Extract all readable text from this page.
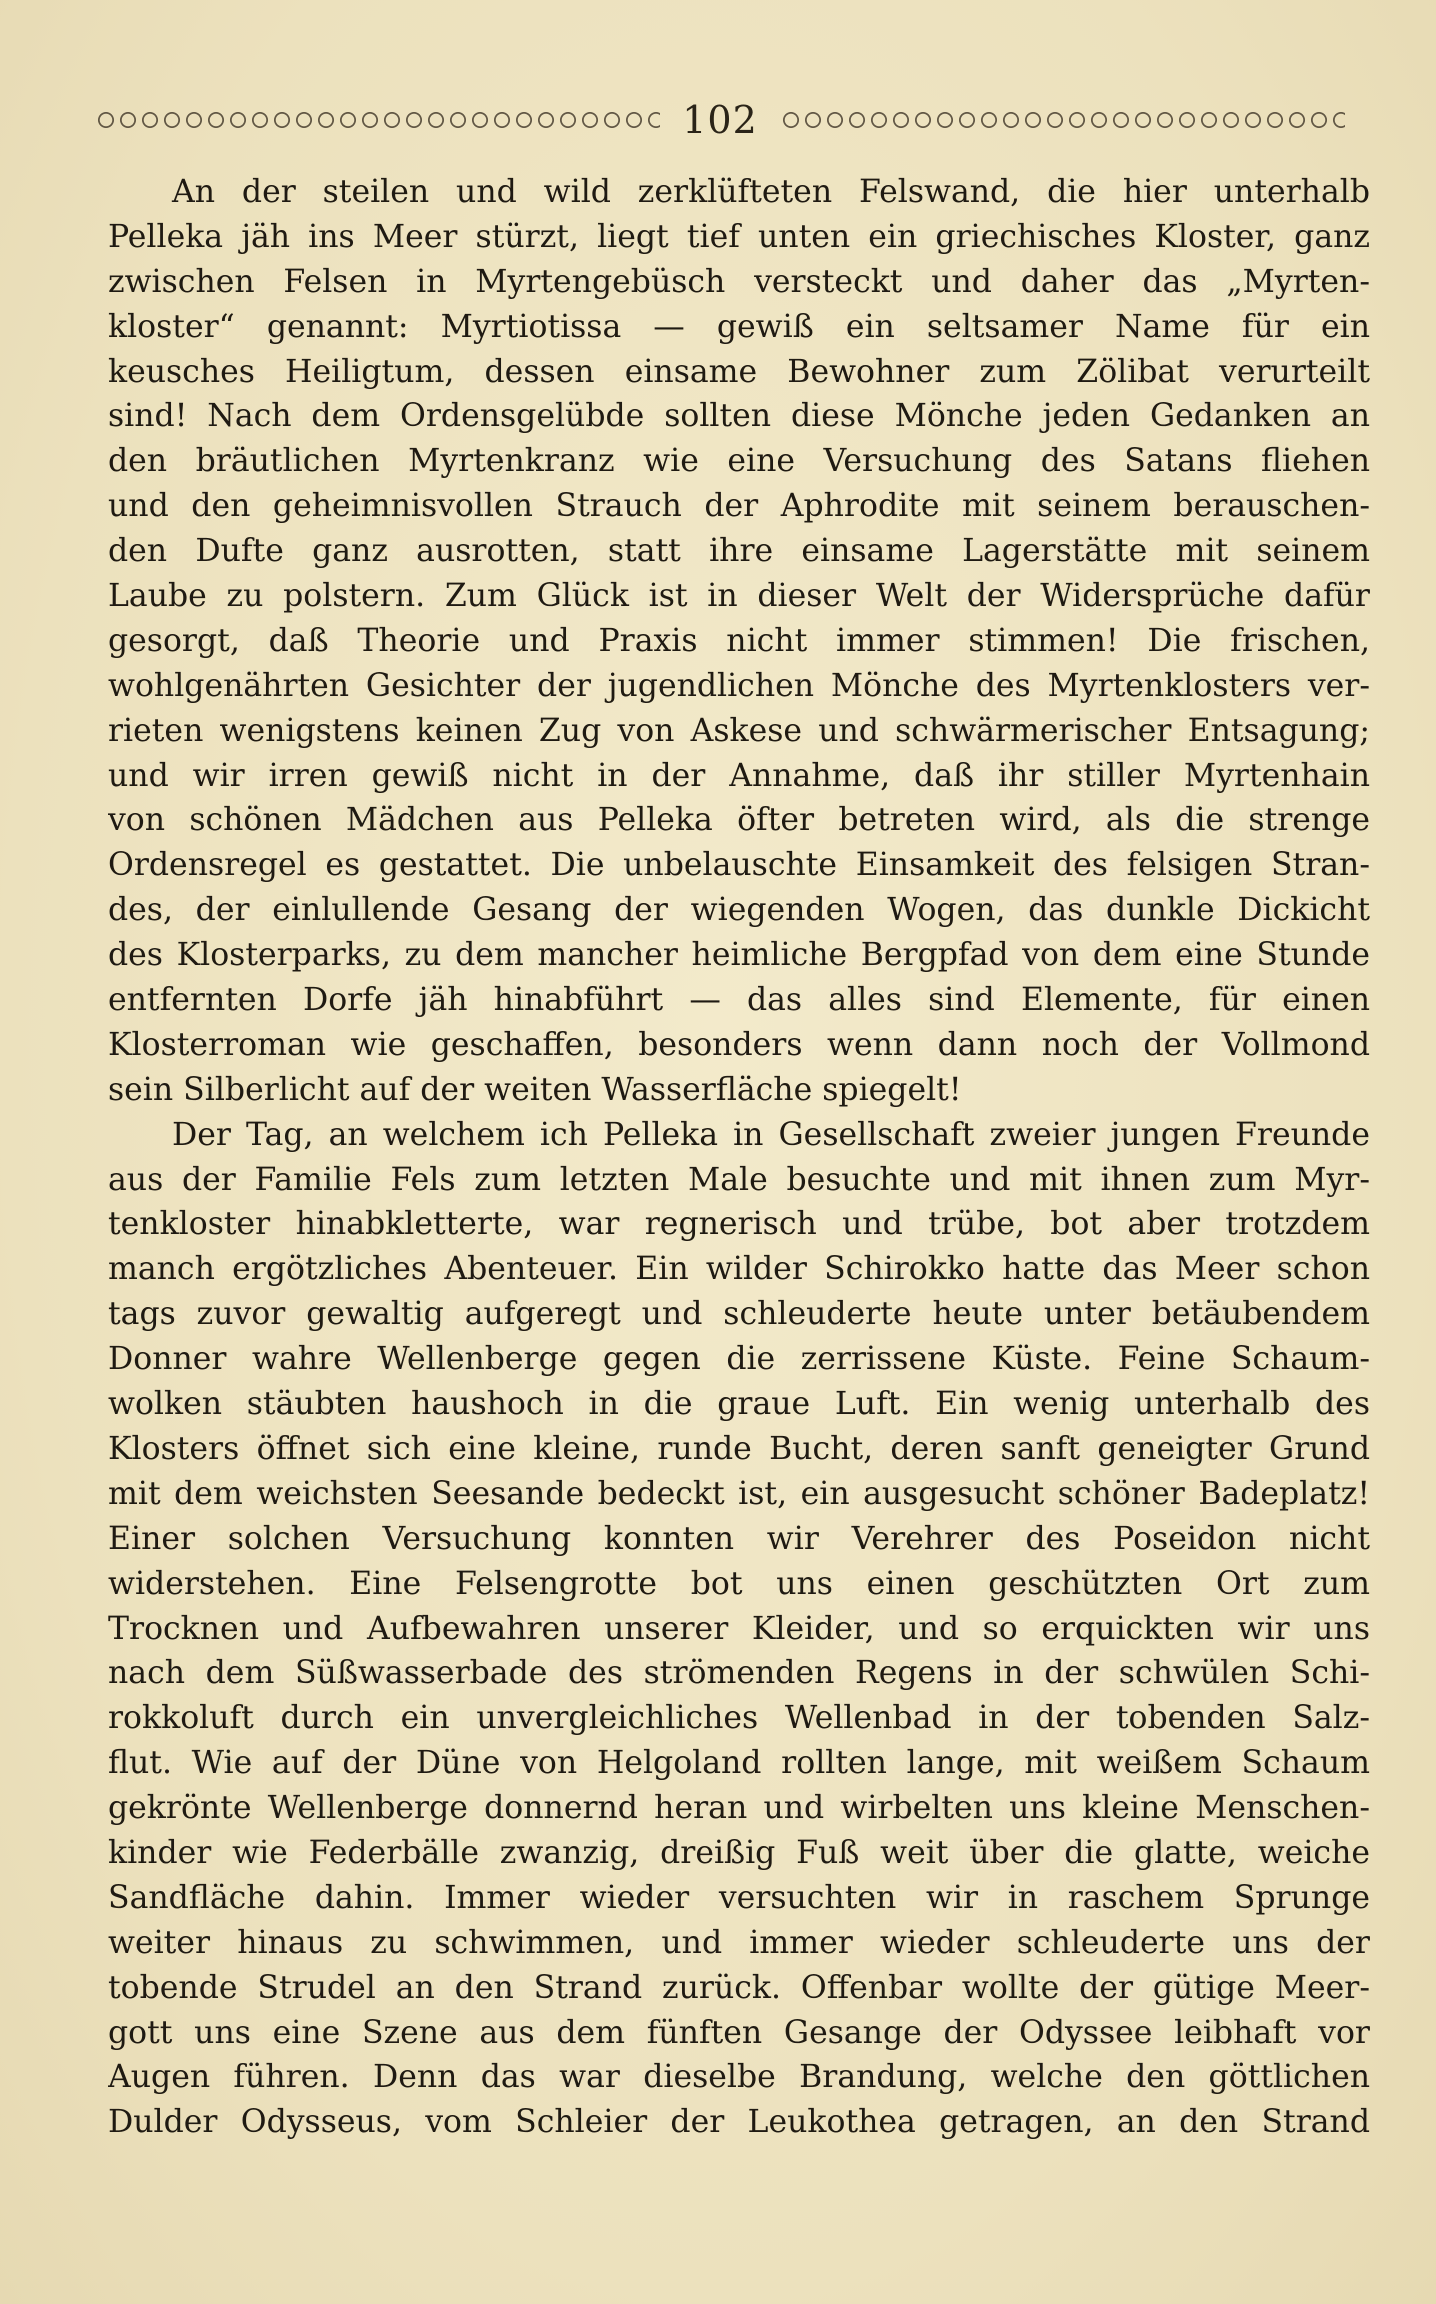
102
An der steilen und wild zerklüfteten Felswand, die hier unterhalb
Pelleka jäh ins Meer stürzt, liegt tief unten ein griechisches Kloster, ganz
zwischen Felsen in Myrtengebüsch versteckt und daher das „Myrten-
kloster“ genannt: Myrtiotissa — gewiß ein seltsamer Name für ein
keusches Heiligtum, dessen einsame Bewohner zum Zölibat verurteilt
sind! Nach dem Ordensgelübde sollten diese Mönche jeden Gedanken an
den bräutlichen Myrtenkranz wie eine Versuchung des Satans fliehen
und den geheimnisvollen Strauch der Aphrodite mit seinem berauschen-
den Dufte ganz ausrotten, statt ihre einsame Lagerstätte mit seinem
Laube zu polstern. Zum Glück ist in dieser Welt der Widersprüche dafür
gesorgt, daß Theorie und Praxis nicht immer stimmen! Die frischen,
wohlgenährten Gesichter der jugendlichen Mönche des Myrtenklosters ver-
rieten wenigstens keinen Zug von Askese und schwärmerischer Entsagung;
und wir irren gewiß nicht in der Annahme, daß ihr stiller Myrtenhain
von schönen Mädchen aus Pelleka öfter betreten wird, als die strenge
Ordensregel es gestattet. Die unbelauschte Einsamkeit des felsigen Stran-
des, der einlullende Gesang der wiegenden Wogen, das dunkle Dickicht
des Klosterparks, zu dem mancher heimliche Bergpfad von dem eine Stunde
entfernten Dorfe jäh hinabführt — das alles sind Elemente, für einen
Klosterroman wie geschaffen, besonders wenn dann noch der Vollmond
sein Silberlicht auf der weiten Wasserfläche spiegelt!
Der Tag, an welchem ich Pelleka in Gesellschaft zweier jungen Freunde
aus der Familie Fels zum letzten Male besuchte und mit ihnen zum Myr-
tenkloster hinabkletterte, war regnerisch und trübe, bot aber trotzdem
manch ergötzliches Abenteuer. Ein wilder Schirokko hatte das Meer schon
tags zuvor gewaltig aufgeregt und schleuderte heute unter betäubendem
Donner wahre Wellenberge gegen die zerrissene Küste. Feine Schaum-
wolken stäubten haushoch in die graue Luft. Ein wenig unterhalb des
Klosters öffnet sich eine kleine, runde Bucht, deren sanft geneigter Grund
mit dem weichsten Seesande bedeckt ist, ein ausgesucht schöner Badeplatz!
Einer solchen Versuchung konnten wir Verehrer des Poseidon nicht
widerstehen. Eine Felsengrotte bot uns einen geschützten Ort zum
Trocknen und Aufbewahren unserer Kleider, und so erquickten wir uns
nach dem Süßwasserbade des strömenden Regens in der schwülen Schi-
rokkoluft durch ein unvergleichliches Wellenbad in der tobenden Salz-
flut. Wie auf der Düne von Helgoland rollten lange, mit weißem Schaum
gekrönte Wellenberge donnernd heran und wirbelten uns kleine Menschen-
kinder wie Federbälle zwanzig, dreißig Fuß weit über die glatte, weiche
Sandfläche dahin. Immer wieder versuchten wir in raschem Sprunge
weiter hinaus zu schwimmen, und immer wieder schleuderte uns der
tobende Strudel an den Strand zurück. Offenbar wollte der gütige Meer-
gott uns eine Szene aus dem fünften Gesange der Odyssee leibhaft vor
Augen führen. Denn das war dieselbe Brandung, welche den göttlichen
Dulder Odysseus, vom Schleier der Leukothea getragen, an den Strand
